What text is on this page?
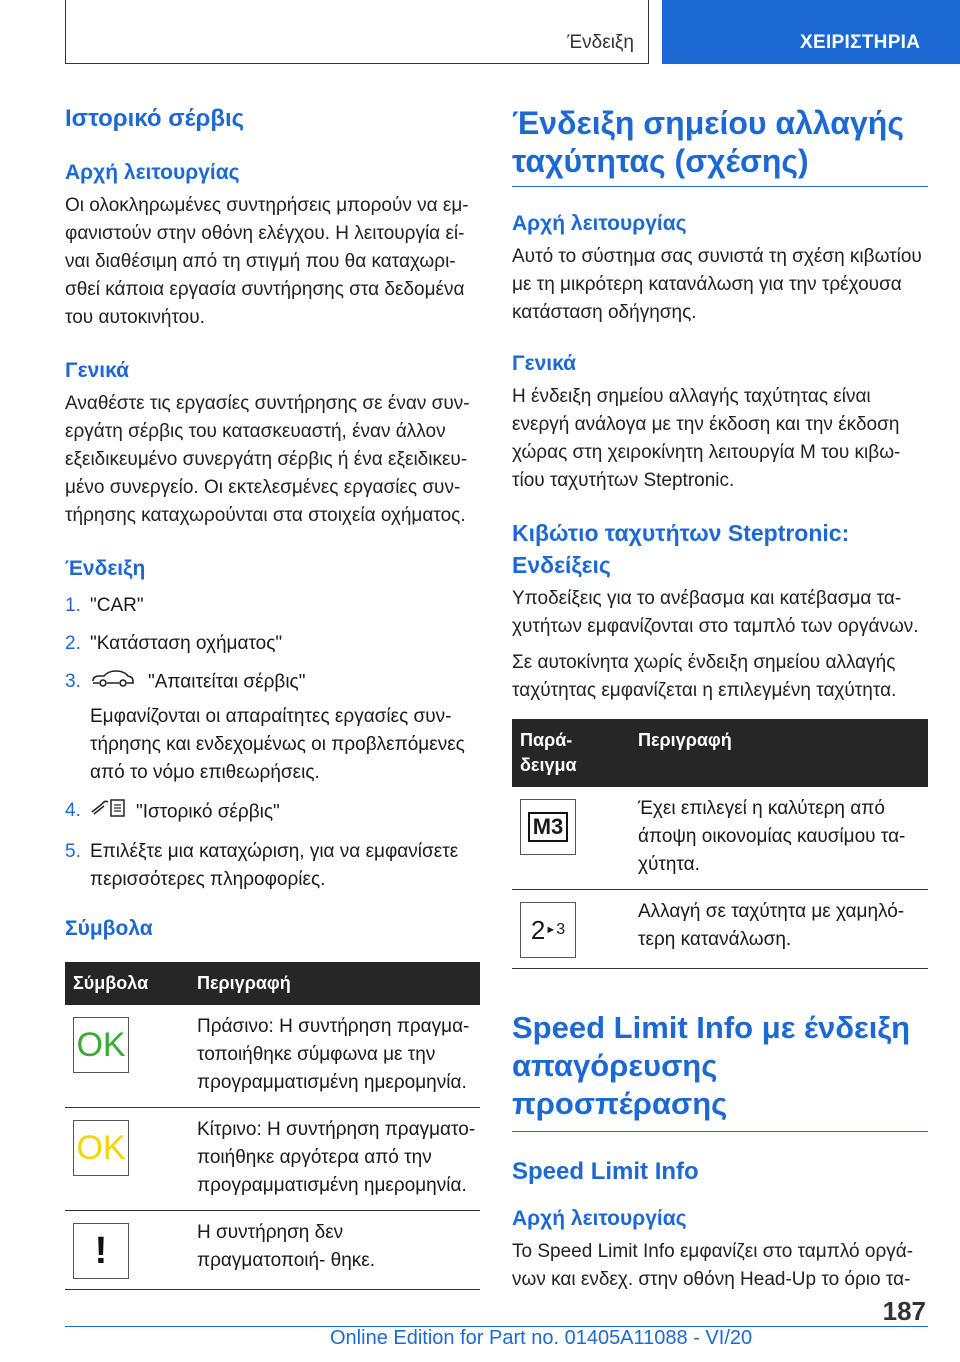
Ένδειξη	ΧΕΙΡΙΣΤΗΡΙΑ
Ιστορικό σέρβις
Αρχή λειτουργίας
Οι ολοκληρωμένες συντηρήσεις μπορούν να εμ‐ φανιστούν στην οθόνη ελέγχου. Η λειτουργία εί‐ ναι διαθέσιμη από τη στιγμή που θα καταχωρι‐ σθεί κάποια εργασία συντήρησης στα δεδομένα του αυτοκινήτου.
Γενικά
Αναθέστε τις εργασίες συντήρησης σε έναν συν‐ εργάτη σέρβις του κατασκευαστή, έναν άλλον εξειδικευμένο συνεργάτη σέρβις ή ένα εξειδικευ‐ μένο συνεργείο. Οι εκτελεσμένες εργασίες συν‐ τήρησης καταχωρούνται στα στοιχεία οχήματος.
Ένδειξη
1. "CAR"
2. "Κατάσταση οχήματος"
3.	"Απαιτείται σέρβις"
Εμφανίζονται οι απαραίτητες εργασίες συν‐ τήρησης και ενδεχομένως οι προβλεπόμενες από το νόμο επιθεωρήσεις.
4.	"Ιστορικό σέρβις"
5. Επιλέξτε μια καταχώριση, για να εμφανίσετε περισσότερες πληροφορίες.
Σύμβολα
Σύμβολα	Περιγραφή

OK	Πράσινο: Η συντήρηση πραγμα‐ τοποιήθηκε σύμφωνα με την προγραμματισμένη ημερομηνία.

OK	Κίτρινο: Η συντήρηση πραγματο‐ ποιήθηκε αργότερα από την προγραμματισμένη ημερομηνία.

!	Η συντήρηση δεν πραγματοποιή‐ θηκε.
Ένδειξη σημείου αλλαγής ταχύτητας (σχέσης)
Αρχή λειτουργίας
Αυτό το σύστημα σας συνιστά τη σχέση κιβωτίου με τη μικρότερη κατανάλωση για την τρέχουσα κατάσταση οδήγησης.
Γενικά
Η ένδειξη σημείου αλλαγής ταχύτητας είναι ενεργή ανάλογα με την έκδοση και την έκδοση χώρας στη χειροκίνητη λειτουργία M του κιβω‐ τίου ταχυτήτων Steptronic.
Κιβώτιο ταχυτήτων Steptronic: Ενδείξεις
Υποδείξεις για το ανέβασμα και κατέβασμα τα‐ χυτήτων εμφανίζονται στο ταμπλό των οργάνων.
Σε αυτοκίνητα χωρίς ένδειξη σημείου αλλαγής ταχύτητας εμφανίζεται η επιλεγμένη ταχύτητα.
Παρά‐ δειγμα	Περιγραφή

M3	Έχει επιλεγεί η καλύτερη από άποψη οικονομίας καυσίμου τα‐ χύτητα.

2 ► 3	Αλλαγή σε ταχύτητα με χαμηλό‐ τερη κατανάλωση.
Speed Limit Info με ένδειξη απαγόρευσης προσπέρασης
Speed Limit Info
Αρχή λειτουργίας
Το Speed Limit Info εμφανίζει στο ταμπλό οργά‐ νων και ενδεχ. στην οθόνη Head-Up το όριο τα‐
187
Online Edition for Part no. 01405A11088 - VI/20
